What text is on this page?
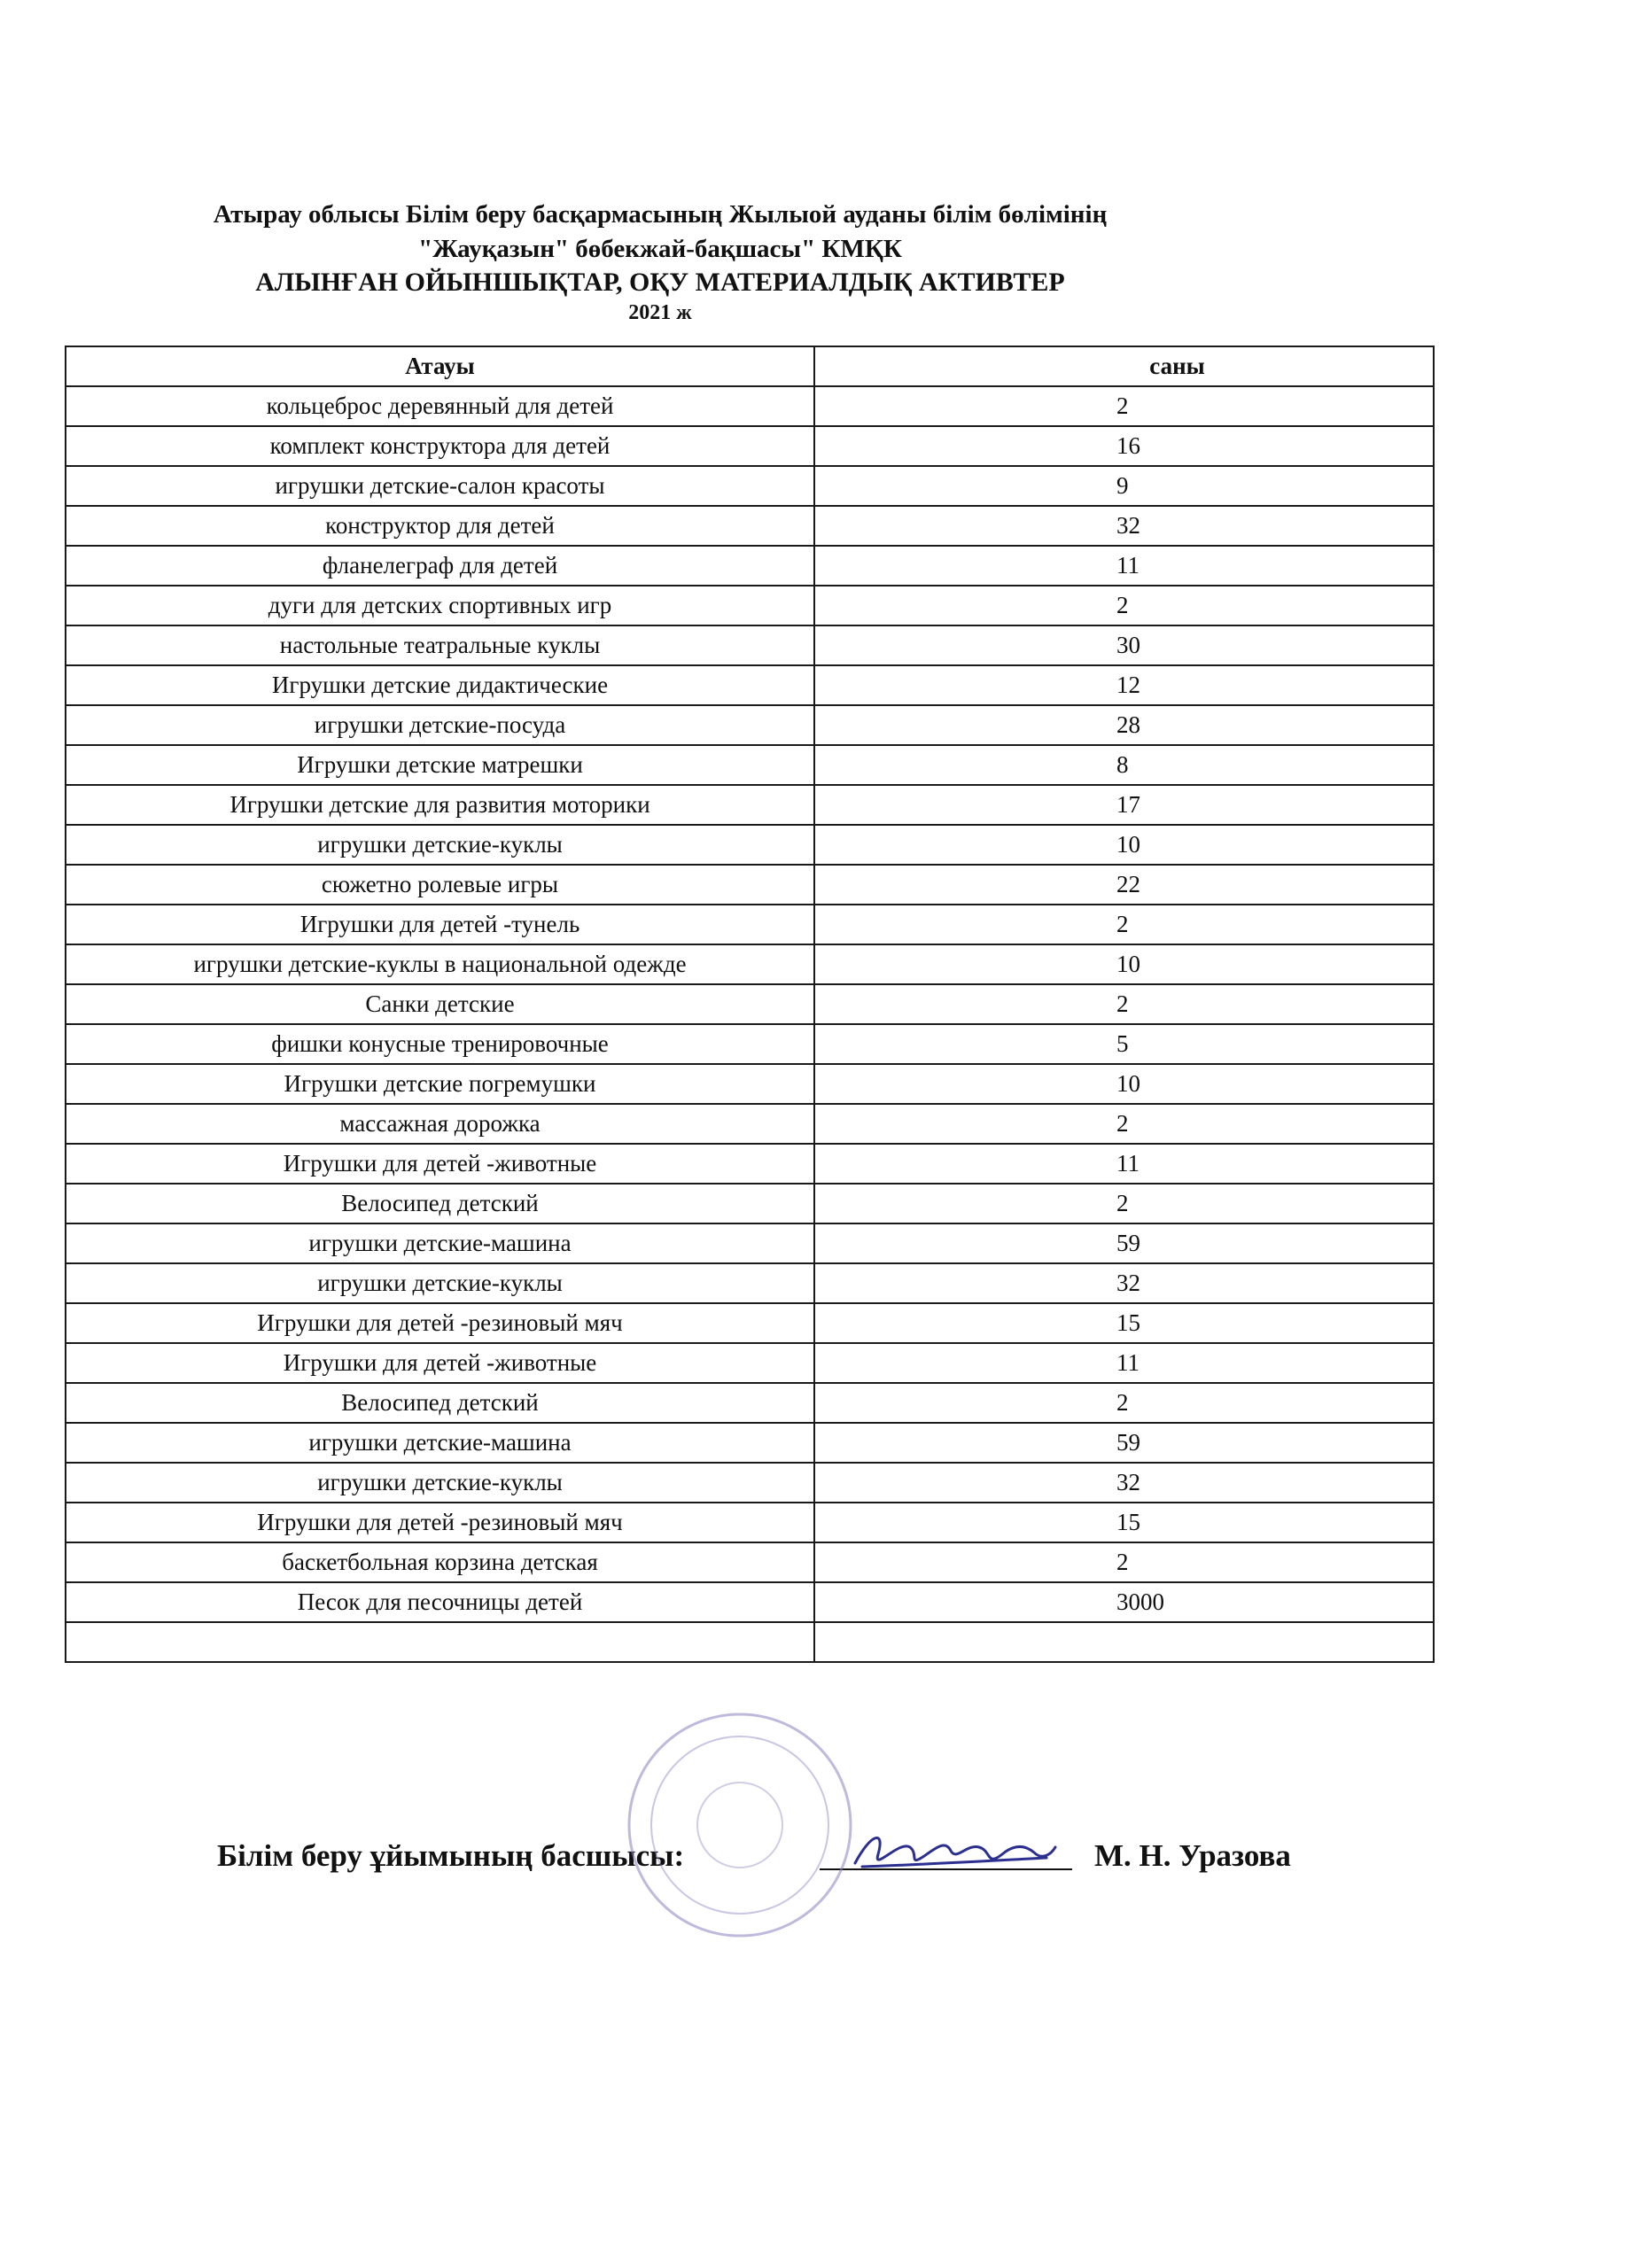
Атырау облысы Білім беру басқармасының Жылыой ауданы білім бөлімінің
"Жауқазын" бөбекжай-бақшасы" КМҚК
АЛЫНҒАН ОЙЫНШЫҚТАР, ОҚУ МАТЕРИАЛДЫҚ АКТИВТЕР
2021 ж
Атауы	саны
кольцеброс деревянный для детей	2
комплект конструктора для детей	16
игрушки детские-салон красоты	9
конструктор для детей	32
фланелеграф для детей	11
дуги для детских спортивных игр	2
настольные театральные куклы	30
Игрушки детские дидактические	12
игрушки детские-посуда	28
Игрушки детские матрешки	8
Игрушки детские для развития моторики	17
игрушки детские-куклы	10
сюжетно ролевые игры	22
Игрушки для детей -тунель	2
игрушки детские-куклы в национальной одежде	10
Санки детские	2
фишки конусные тренировочные	5
Игрушки детские погремушки	10
массажная дорожка	2
Игрушки для детей -животные	11
Велосипед детский	2
игрушки детские-машина	59
игрушки детские-куклы	32
Игрушки для детей -резиновый мяч	15
Игрушки для детей -животные	11
Велосипед детский	2
игрушки детские-машина	59
игрушки детские-куклы	32
Игрушки для детей -резиновый мяч	15
баскетбольная корзина детская	2
Песок для песочницы детей	3000

Білім беру ұйымының басшысы:	М. Н. Уразова
